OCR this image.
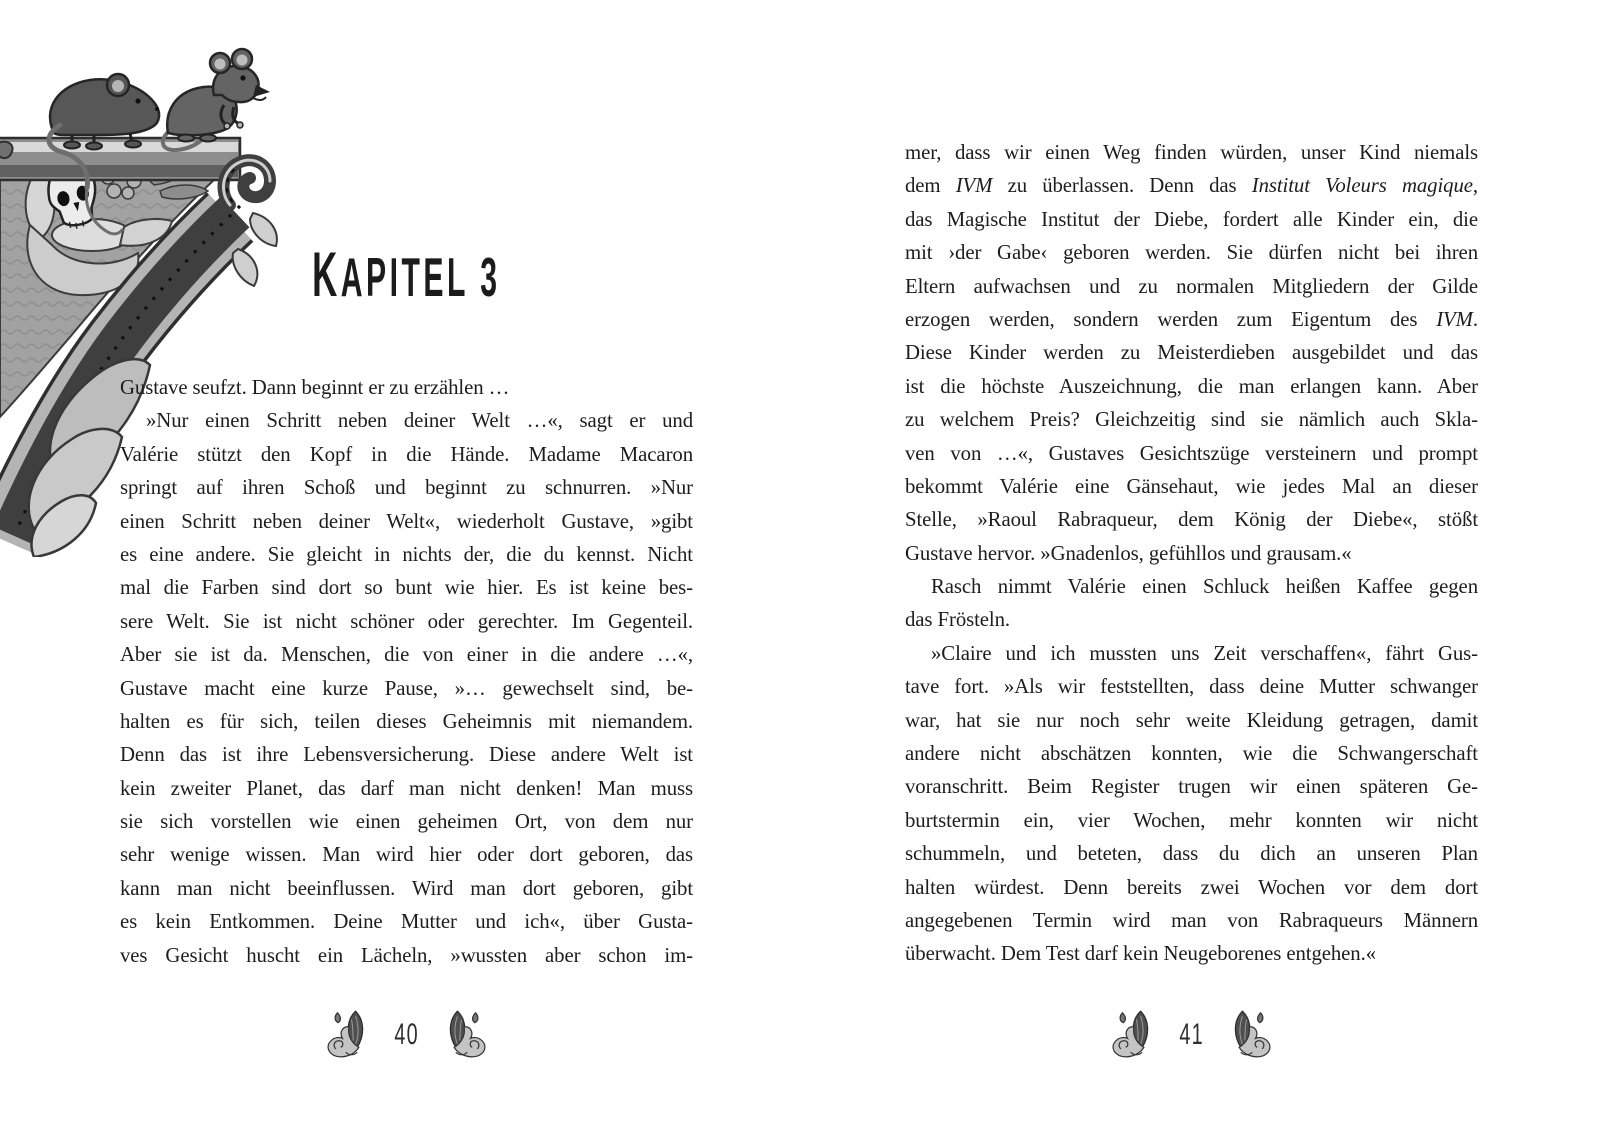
KAPITEL 3
Gustave seufzt. Dann beginnt er zu erzählen …
»Nur einen Schritt neben deiner Welt …«, sagt er und
Valérie stützt den Kopf in die Hände. Madame Macaron
springt auf ihren Schoß und beginnt zu schnurren. »Nur
einen Schritt neben deiner Welt«, wiederholt Gustave, »gibt
es eine andere. Sie gleicht in nichts der, die du kennst. Nicht
mal die Farben sind dort so bunt wie hier. Es ist keine bes-
sere Welt. Sie ist nicht schöner oder gerechter. Im Gegenteil.
Aber sie ist da. Menschen, die von einer in die andere …«,
Gustave macht eine kurze Pause, »… gewechselt sind, be-
halten es für sich, teilen dieses Geheimnis mit niemandem.
Denn das ist ihre Lebensversicherung. Diese andere Welt ist
kein zweiter Planet, das darf man nicht denken! Man muss
sie sich vorstellen wie einen geheimen Ort, von dem nur
sehr wenige wissen. Man wird hier oder dort geboren, das
kann man nicht beeinflussen. Wird man dort geboren, gibt
es kein Entkommen. Deine Mutter und ich«, über Gusta-
ves Gesicht huscht ein Lächeln, »wussten aber schon im-
40
mer, dass wir einen Weg finden würden, unser Kind niemals
dem IVM zu überlassen. Denn das Institut Voleurs magique,
das Magische Institut der Diebe, fordert alle Kinder ein, die
mit ›der Gabe‹ geboren werden. Sie dürfen nicht bei ihren
Eltern aufwachsen und zu normalen Mitgliedern der Gilde
erzogen werden, sondern werden zum Eigentum des IVM.
Diese Kinder werden zu Meisterdieben ausgebildet und das
ist die höchste Auszeichnung, die man erlangen kann. Aber
zu welchem Preis? Gleichzeitig sind sie nämlich auch Skla-
ven von …«, Gustaves Gesichtszüge versteinern und prompt
bekommt Valérie eine Gänsehaut, wie jedes Mal an dieser
Stelle, »Raoul Rabraqueur, dem König der Diebe«, stößt
Gustave hervor. »Gnadenlos, gefühllos und grausam.«
Rasch nimmt Valérie einen Schluck heißen Kaffee gegen
das Frösteln.
»Claire und ich mussten uns Zeit verschaffen«, fährt Gus-
tave fort. »Als wir feststellten, dass deine Mutter schwanger
war, hat sie nur noch sehr weite Kleidung getragen, damit
andere nicht abschätzen konnten, wie die Schwangerschaft
voranschritt. Beim Register trugen wir einen späteren Ge-
burtstermin ein, vier Wochen, mehr konnten wir nicht
schummeln, und beteten, dass du dich an unseren Plan
halten würdest. Denn bereits zwei Wochen vor dem dort
angegebenen Termin wird man von Rabraqueurs Männern
überwacht. Dem Test darf kein Neugeborenes entgehen.«
41
